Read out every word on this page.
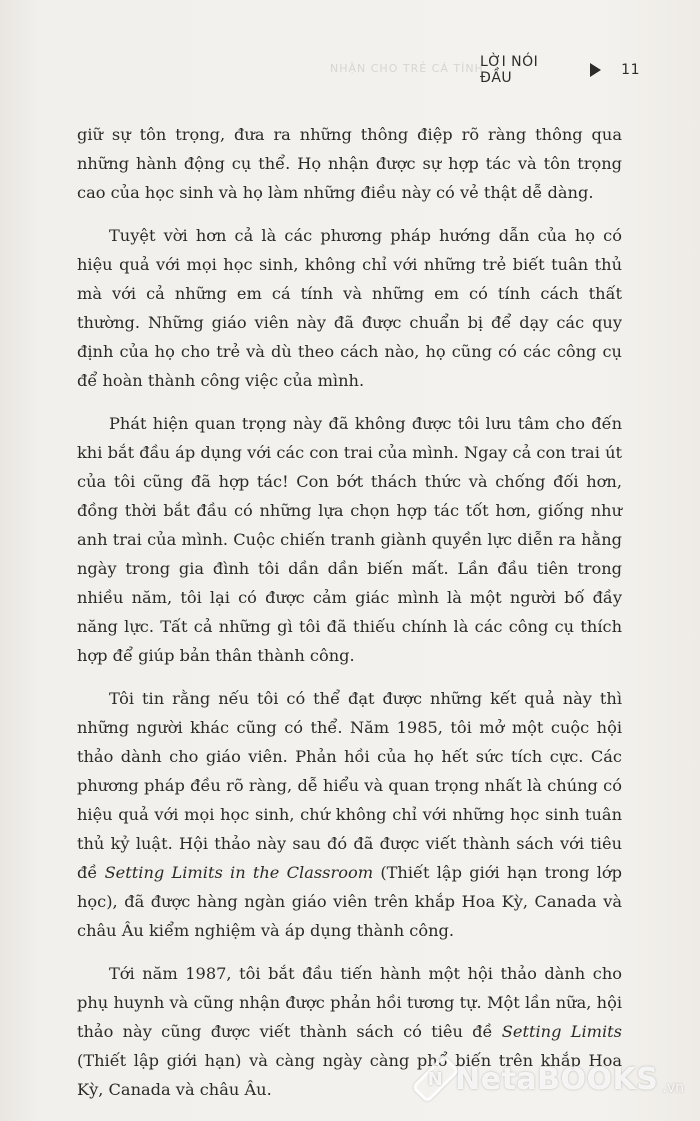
NHẬN CHO TRẺ CÁ TÍNH
LỜI NÓI ĐẦU	11

giữ sự tôn trọng, đưa ra những thông điệp rõ ràng thông qua những hành động cụ thể. Họ nhận được sự hợp tác và tôn trọng cao của học sinh và họ làm những điều này có vẻ thật dễ dàng.

Tuyệt vời hơn cả là các phương pháp hướng dẫn của họ có hiệu quả với mọi học sinh, không chỉ với những trẻ biết tuân thủ mà với cả những em cá tính và những em có tính cách thất thường. Những giáo viên này đã được chuẩn bị để dạy các quy định của họ cho trẻ và dù theo cách nào, họ cũng có các công cụ để hoàn thành công việc của mình.

Phát hiện quan trọng này đã không được tôi lưu tâm cho đến khi bắt đầu áp dụng với các con trai của mình. Ngay cả con trai út của tôi cũng đã hợp tác! Con bớt thách thức và chống đối hơn, đồng thời bắt đầu có những lựa chọn hợp tác tốt hơn, giống như anh trai của mình. Cuộc chiến tranh giành quyền lực diễn ra hằng ngày trong gia đình tôi dần dần biến mất. Lần đầu tiên trong nhiều năm, tôi lại có được cảm giác mình là một người bố đầy năng lực. Tất cả những gì tôi đã thiếu chính là các công cụ thích hợp để giúp bản thân thành công.

Tôi tin rằng nếu tôi có thể đạt được những kết quả này thì những người khác cũng có thể. Năm 1985, tôi mở một cuộc hội thảo dành cho giáo viên. Phản hồi của họ hết sức tích cực. Các phương pháp đều rõ ràng, dễ hiểu và quan trọng nhất là chúng có hiệu quả với mọi học sinh, chứ không chỉ với những học sinh tuân thủ kỷ luật. Hội thảo này sau đó đã được viết thành sách với tiêu đề Setting Limits in the Classroom (Thiết lập giới hạn trong lớp học), đã được hàng ngàn giáo viên trên khắp Hoa Kỳ, Canada và châu Âu kiểm nghiệm và áp dụng thành công.

Tới năm 1987, tôi bắt đầu tiến hành một hội thảo dành cho phụ huynh và cũng nhận được phản hồi tương tự. Một lần nữa, hội thảo này cũng được viết thành sách có tiêu đề Setting Limits (Thiết lập giới hạn) và càng ngày càng phổ biến trên khắp Hoa Kỳ, Canada và châu Âu.

N NetaBOOKS .vn
